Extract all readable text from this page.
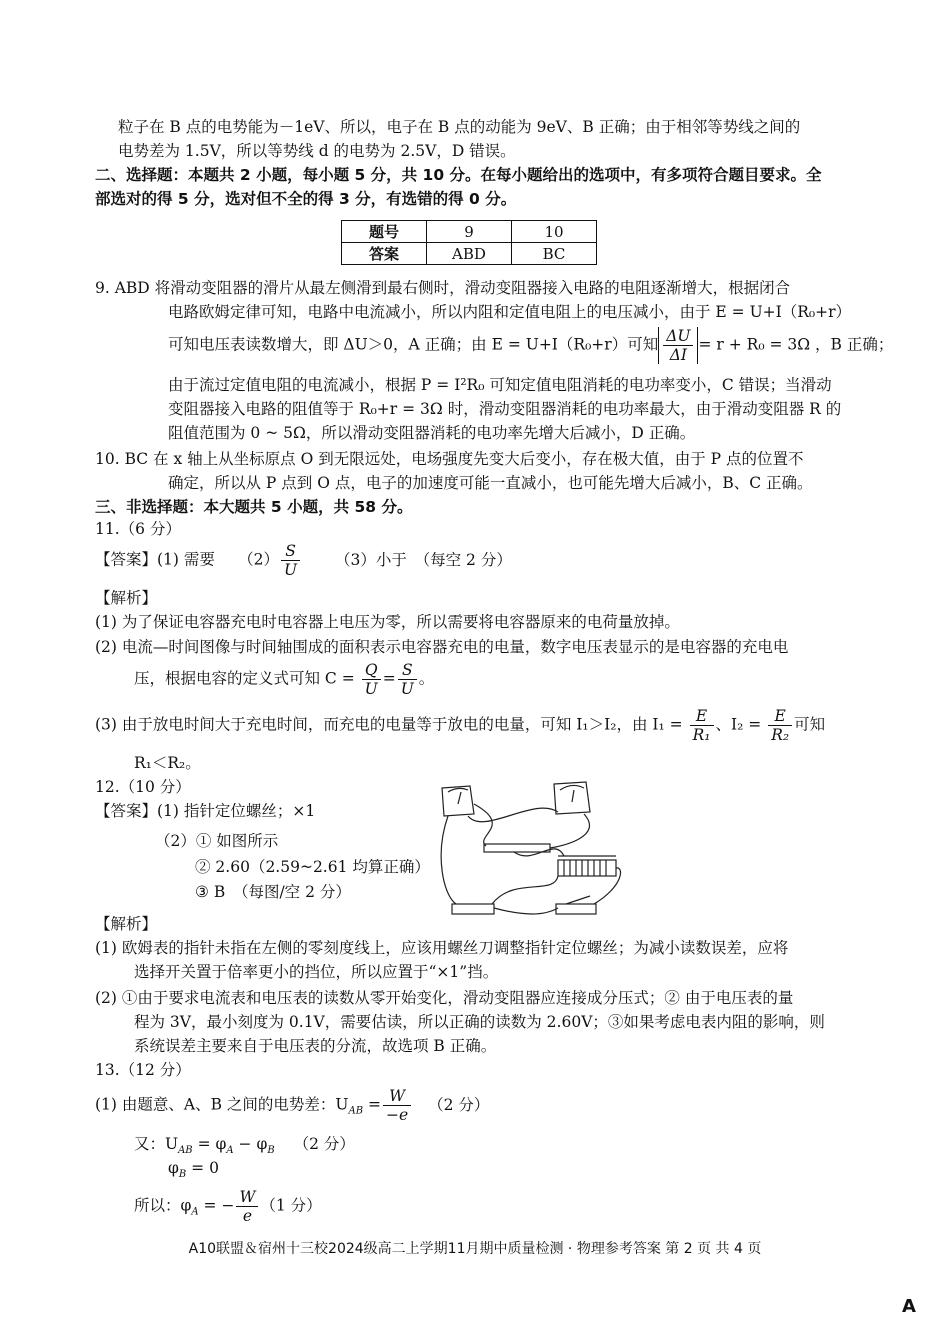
粒子在 B 点的电势能为－1eV、所以，电子在 B 点的动能为 9eV、B 正确；由于相邻等势线之间的
电势差为 1.5V，所以等势线 d 的电势为 2.5V，D 错误。
二、选择题：本题共 2 小题，每小题 5 分，共 10 分。在每小题给出的选项中，有多项符合题目要求。全
部选对的得 5 分，选对但不全的得 3 分，有选错的得 0 分。
题号	9	10
答案	ABD	BC
9. ABD 将滑动变阻器的滑片从最左侧滑到最右侧时，滑动变阻器接入电路的电阻逐渐增大，根据闭合
电路欧姆定律可知，电路中电流减小，所以内阻和定值电阻上的电压减小，由于 E = U+I（R₀+r）
可知电压表读数增大，即 ΔU＞0，A 正确；由 E = U+I（R₀+r）可知 $\frac{\Delta U}{\Delta I} = r + R_0 = 3\Omega$ ，B 正确；
由于流过定值电阻的电流减小，根据 P = I²R₀ 可知定值电阻消耗的电功率变小，C 错误；当滑动
变阻器接入电路的阻值等于 R₀+r = 3Ω 时，滑动变阻器消耗的电功率最大，由于滑动变阻器 R 的
阻值范围为 0 ~ 5Ω，所以滑动变阻器消耗的电功率先增大后减小，D 正确。
10. BC 在 x 轴上从坐标原点 O 到无限远处，电场强度先变大后变小，存在极大值，由于 P 点的位置不
确定，所以从 P 点到 O 点，电子的加速度可能一直减小，也可能先增大后减小，B、C 正确。
三、非选择题：本大题共 5 小题，共 58 分。
11.（6 分）
【答案】(1) 需要　　$(2) \frac{S}{U} (3)$小于　（每空 2 分）
【解析】
(1) 为了保证电容器充电时电容器上电压为零，所以需要将电容器原来的电荷量放掉。
(2) 电流—时间图像与时间轴围成的面积表示电容器充电的电量，数字电压表显示的是电容器的充电电
压，根据电容的定义式可知 $C = \frac{Q}{U} = \frac{S}{U}$ 。
(3) 由于放电时间大于充电时间，而充电的电量等于放电的电量，可知 I₁＞I₂，由 $I_1 = \frac{E}{\text{R₁}}$ 、$I_2 = \frac{E}{\text{R₂}}$ 可知
R₁＜R₂。
12.（10 分）
【答案】(1) 指针定位螺丝；×1
（2）① 如图所示
② 2.60（2.59~2.61 均算正确）
③ B　（每图/空 2 分）
【解析】
(1) 欧姆表的指针未指在左侧的零刻度线上，应该用螺丝刀调整指针定位螺丝；为减小读数误差，应将
选择开关置于倍率更小的挡位，所以应置于“×1”挡。
(2) ①由于要求电流表和电压表的读数从零开始变化，滑动变阻器应连接成分压式；② 由于电压表的量
程为 3V，最小刻度为 0.1V，需要估读，所以正确的读数为 2.60V；③如果考虑电表内阻的影响，则
系统误差主要来自于电压表的分流，故选项 B 正确。
13.（12 分）
(1) 由题意、A、B 之间的电势差：$U_{AB} = \frac{W}{-e} (2$ 分）
又：$U_{AB} = \varphi_A - \varphi_B$ （2 分）
$\varphi_B = 0$
所以：$\varphi_A$ = − $\frac{W}{e} (1$ 分）
A10联盟＆宿州十三校2024级高二上学期11月期中质量检测 · 物理参考答案 第 2 页 共 4 页
A
